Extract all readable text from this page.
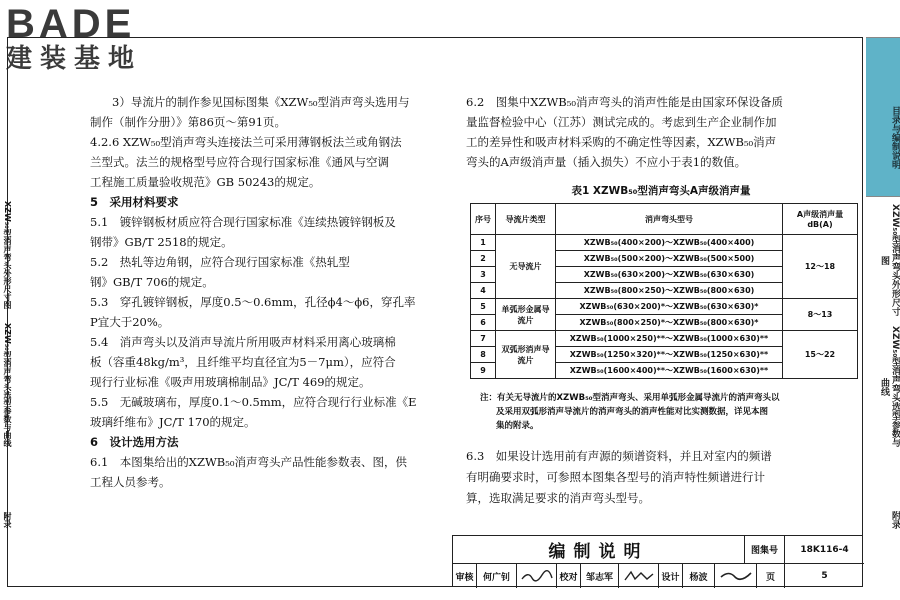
BADE
建装基地
目录与编制说明
XZW₅₀型消声弯头外形尺寸图
XZW₅₀型消声弯头选型参数与曲线
附录
XZW₅₀型消声弯头外形尺寸图
XZW₅₀型消声弯头选型参数与曲线
附录

3）导流片的制作参见国标图集《XZW₅₀型消声弯头选用与

制作（制作分册）》第86页～第91页。

4.2.6 XZW₅₀型消声弯头连接法兰可采用薄钢板法兰或角钢法

兰型式。法兰的规格型号应符合现行国家标准《通风与空调

工程施工质量验收规范》GB 50243的规定。

5　采用材料要求

5.1　镀锌钢板材质应符合现行国家标准《连续热镀锌钢板及

钢带》GB/T 2518的规定。

5.2　热轧等边角钢，应符合现行国家标准《热轧型

钢》GB/T 706的规定。

5.3　穿孔镀锌钢板，厚度0.5～0.6mm，孔径ϕ4～ϕ6，穿孔率

P宜大于20%。

5.4　消声弯头以及消声导流片所用吸声材料采用离心玻璃棉

板（容重48kg/m³，且纤维平均直径宜为5－7μm），应符合

现行行业标准《吸声用玻璃棉制品》JC/T 469的规定。

5.5　无碱玻璃布，厚度0.1～0.5mm，应符合现行行业标准《E

玻璃纤维布》JC/T 170的规定。

6　设计选用方法

6.1　本图集给出的XZWB₅₀消声弯头产品性能参数表、图，供

工程人员参考。

6.2　图集中XZWB₅₀消声弯头的消声性能是由国家环保设备质

量监督检验中心（江苏）测试完成的。考虑到生产企业制作加

工的差异性和吸声材料采购的不确定性等因素，XZWB₅₀消声

弯头的A声级消声量（插入损失）不应小于表1的数值。

表1 XZWB₅₀型消声弯头A声级消声量
序号	导流片类型	消声弯头型号	A声级消声量 dB(A)
1	无导流片	XZWB₅₀(400×200)～XZWB₅₀(400×400)	12～18
2		XZWB₅₀(500×200)～XZWB₅₀(500×500)	
3		XZWB₅₀(630×200)～XZWB₅₀(630×630)	
4		XZWB₅₀(800×250)～XZWB₅₀(800×630)	
5	单弧形金属导流片	XZWB₅₀(630×200)*～XZWB₅₀(630×630)*	8～13
6		XZWB₅₀(800×250)*～XZWB₅₀(800×630)*	
7	双弧形消声导流片	XZWB₅₀(1000×250)**～XZWB₅₀(1000×630)**	15～22
8		XZWB₅₀(1250×320)**～XZWB₅₀(1250×630)**	
9		XZWB₅₀(1600×400)**～XZWB₅₀(1600×630)**	
注：有关无导流片的XZWB₅₀型消声弯头、采用单弧形金属导流片的消声弯头以
及采用双弧形消声导流片的消声弯头的消声性能对比实测数据，详见本图
集的附录。

6.3　如果设计选用前有声源的频谱资料，并且对室内的频谱

有明确要求时，可参照本图集各型号的消声特性频谱进行计

算，选取满足要求的消声弯头型号。

编制说明	图集号	18K116-4
审核	何广钊	校对 邹志军	设计	杨波	页	5
